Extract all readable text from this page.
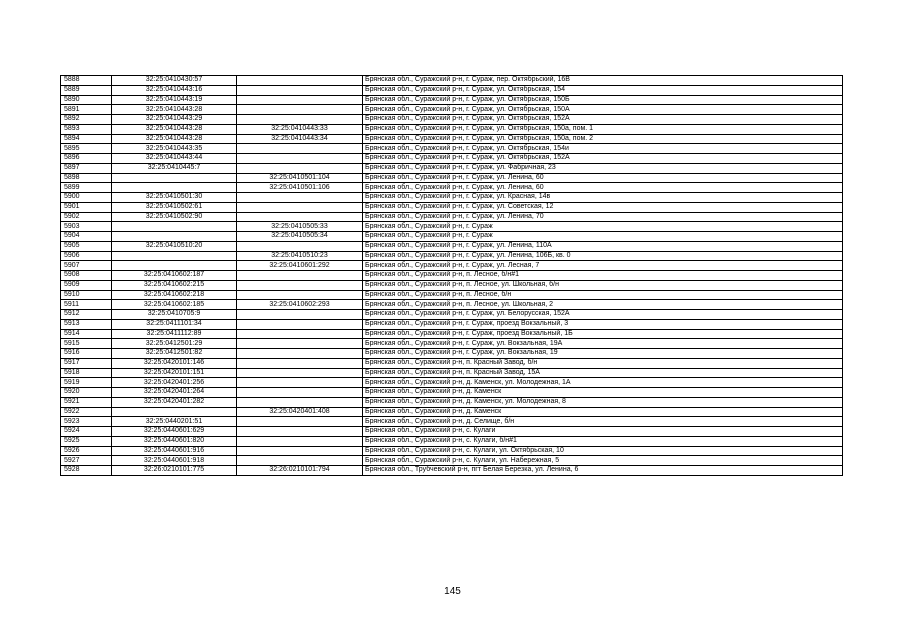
5888	32:25:0410430:57		Брянская обл., Суражский р-н, г. Сураж, пер. Октябрьский, 16В
5889	32:25:0410443:16		Брянская обл., Суражский р-н, г. Сураж, ул. Октябрьская, 154
5890	32:25:0410443:19		Брянская обл., Суражский р-н, г. Сураж, ул. Октябрьская, 150Б
5891	32:25:0410443:28		Брянская обл., Суражский р-н, г. Сураж, ул. Октябрьская, 150А
5892	32:25:0410443:29		Брянская обл., Суражский р-н, г. Сураж, ул. Октябрьская, 152А
5893	32:25:0410443:28	32:25:0410443:33	Брянская обл., Суражский р-н, г. Сураж, ул. Октябрьская, 150а, пом. 1
5894	32:25:0410443:28	32:25:0410443:34	Брянская обл., Суражский р-н, г. Сураж, ул. Октябрьская, 150а, пом. 2
5895	32:25:0410443:35		Брянская обл., Суражский р-н, г. Сураж, ул. Октябрьская, 154и
5896	32:25:0410443:44		Брянская обл., Суражский р-н, г. Сураж, ул. Октябрьская, 152А
5897	32:25:0410445:7		Брянская обл., Суражский р-н, г. Сураж, ул. Фабричная, 23
5898		32:25:0410501:104	Брянская обл., Суражский р-н, г. Сураж, ул. Ленина, 60
5899		32:25:0410501:106	Брянская обл., Суражский р-н, г. Сураж, ул. Ленина, 60
5900	32:25:0410501:30		Брянская обл., Суражский р-н, г. Сураж, ул. Красная, 14в
5901	32:25:0410502:61		Брянская обл., Суражский р-н, г. Сураж, ул. Советская, 12
5902	32:25:0410502:90		Брянская обл., Суражский р-н, г. Сураж, ул. Ленина, 70
5903		32:25:0410505:33	Брянская обл., Суражский р-н, г. Сураж
5904		32:25:0410505:34	Брянская обл., Суражский р-н, г. Сураж
5905	32:25:0410510:20		Брянская обл., Суражский р-н, г. Сураж, ул. Ленина, 110А
5906		32:25:0410510:23	Брянская обл., Суражский р-н, г. Сураж, ул. Ленина, 106Б, кв. 0
5907		32:25:0410601:292	Брянская обл., Суражский р-н, г. Сураж, ул. Лесная, 7
5908	32:25:0410602:187		Брянская обл., Суражский р-н, п. Лесное, б/н#1
5909	32:25:0410602:215		Брянская обл., Суражский р-н, п. Лесное, ул. Школьная, б/н
5910	32:25:0410602:218		Брянская обл., Суражский р-н, п. Лесное, б/н
5911	32:25:0410602:185	32:25:0410602:293	Брянская обл., Суражский р-н, п. Лесное, ул. Школьная, 2
5912	32:25:0410705:9		Брянская обл., Суражский р-н, г. Сураж, ул. Белорусская, 152А
5913	32:25:0411101:34		Брянская обл., Суражский р-н, г. Сураж, проезд Вокзальный, 3
5914	32:25:0411112:89		Брянская обл., Суражский р-н, г. Сураж, проезд Вокзальный, 1Б
5915	32:25:0412501:29		Брянская обл., Суражский р-н, г. Сураж, ул. Вокзальная, 19А
5916	32:25:0412501:82		Брянская обл., Суражский р-н, г. Сураж, ул. Вокзальная, 19
5917	32:25:0420101:146		Брянская обл., Суражский р-н, п. Красный Завод, б/н
5918	32:25:0420101:151		Брянская обл., Суражский р-н, п. Красный Завод, 15А
5919	32:25:0420401:256		Брянская обл., Суражский р-н, д. Каменск, ул. Молодежная, 1А
5920	32:25:0420401:264		Брянская обл., Суражский р-н, д. Каменск
5921	32:25:0420401:282		Брянская обл., Суражский р-н, д. Каменск, ул. Молодежная, 8
5922		32:25:0420401:408	Брянская обл., Суражский р-н, д. Каменск
5923	32:25:0440201:51		Брянская обл., Суражский р-н, д. Селище, б/н
5924	32:25:0440601:629		Брянская обл., Суражский р-н, с. Кулаги
5925	32:25:0440601:820		Брянская обл., Суражский р-н, с. Кулаги, б/н#1
5926	32:25:0440601:916		Брянская обл., Суражский р-н, с. Кулаги, ул. Октябрьская, 10
5927	32:25:0440601:918		Брянская обл., Суражский р-н, с. Кулаги, ул. Набережная, 5
5928	32:26:0210101:775	32:26:0210101:794	Брянская обл., Трубчевский р-н, пгт Белая Березка, ул. Ленина, 6
145
